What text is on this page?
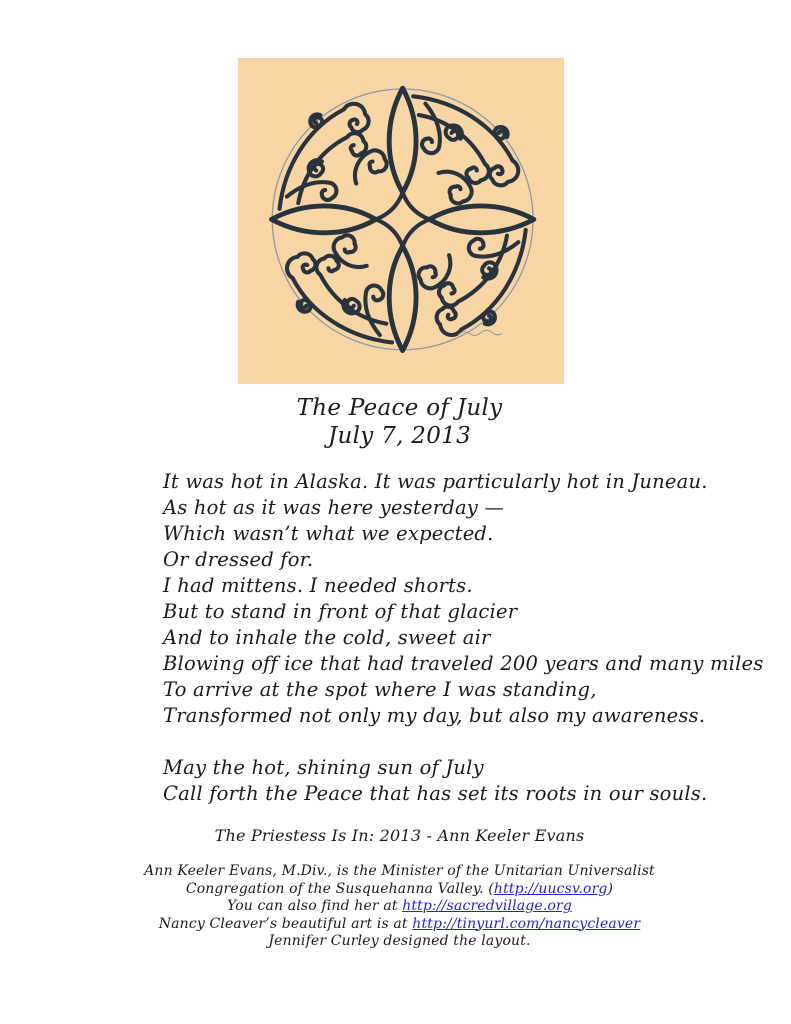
The Peace of July
July 7, 2013
It was hot in Alaska. It was particularly hot in Juneau.
As hot as it was here yesterday —
Which wasn’t what we expected.
Or dressed for.
I had mittens. I needed shorts.
But to stand in front of that glacier
And to inhale the cold, sweet air
Blowing off ice that had traveled 200 years and many miles
To arrive at the spot where I was standing,
Transformed not only my day, but also my awareness.
May the hot, shining sun of July
Call forth the Peace that has set its roots in our souls.
The Priestess Is In: 2013 - Ann Keeler Evans
Ann Keeler Evans, M.Div., is the Minister of the Unitarian Universalist
Congregation of the Susquehanna Valley. (http://uucsv.org)
You can also find her at http://sacredvillage.org
Nancy Cleaver’s beautiful art is at http://tinyurl.com/nancycleaver
Jennifer Curley designed the layout.
